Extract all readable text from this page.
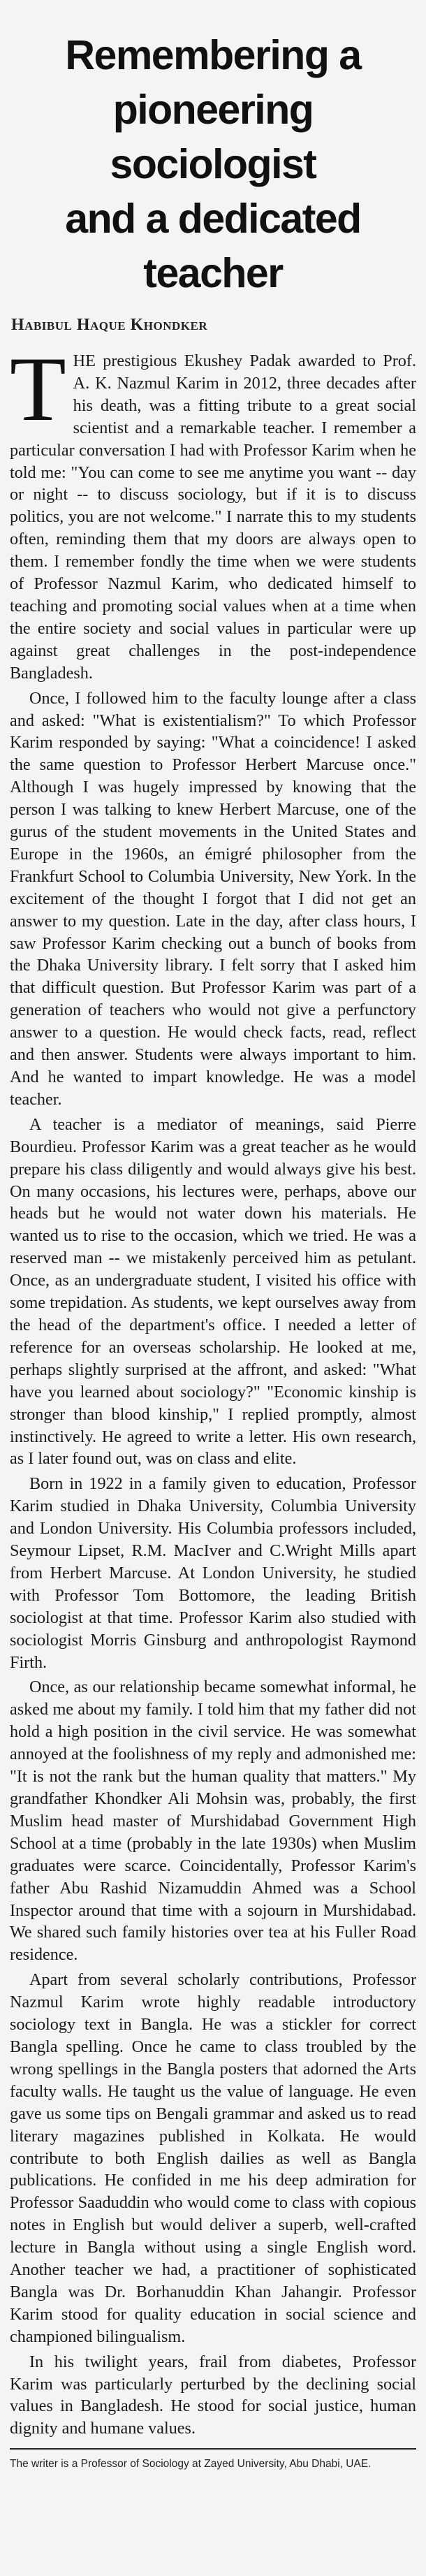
Remembering a
pioneering sociologist
and a dedicated teacher
Habibul Haque Khondker

THE prestigious Ekushey Padak awarded to Prof. A. K. Nazmul Karim in 2012, three decades after his death, was a fitting tribute to a great social scientist and a remarkable teacher. I remember a particular conversation I had with Professor Karim when he told me: "You can come to see me anytime you want -- day or night -- to discuss sociology, but if it is to discuss politics, you are not welcome." I narrate this to my students often, reminding them that my doors are always open to them. I remember fondly the time when we were students of Professor Nazmul Karim, who dedicated himself to teaching and promoting social values when at a time when the entire society and social values in particular were up against great challenges in the post-independence Bangladesh.

Once, I followed him to the faculty lounge after a class and asked: "What is existentialism?" To which Professor Karim responded by saying: "What a coincidence! I asked the same question to Professor Herbert Marcuse once." Although I was hugely impressed by knowing that the person I was talking to knew Herbert Marcuse, one of the gurus of the student movements in the United States and Europe in the 1960s, an émigré philosopher from the Frankfurt School to Columbia University, New York. In the excitement of the thought I forgot that I did not get an answer to my question. Late in the day, after class hours, I saw Professor Karim checking out a bunch of books from the Dhaka University library. I felt sorry that I asked him that difficult question. But Professor Karim was part of a generation of teachers who would not give a perfunctory answer to a question. He would check facts, read, reflect and then answer. Students were always important to him. And he wanted to impart knowledge. He was a model teacher.

A teacher is a mediator of meanings, said Pierre Bourdieu. Professor Karim was a great teacher as he would prepare his class diligently and would always give his best. On many occasions, his lectures were, perhaps, above our heads but he would not water down his materials. He wanted us to rise to the occasion, which we tried. He was a reserved man -- we mistakenly perceived him as petulant. Once, as an undergraduate student, I visited his office with some trepidation. As students, we kept ourselves away from the head of the department's office. I needed a letter of reference for an overseas scholarship. He looked at me, perhaps slightly surprised at the affront, and asked: "What have you learned about sociology?" "Economic kinship is stronger than blood kinship," I replied promptly, almost instinctively. He agreed to write a letter. His own research, as I later found out, was on class and elite.

Born in 1922 in a family given to education, Professor Karim studied in Dhaka University, Columbia University and London University. His Columbia professors included, Seymour Lipset, R.M. MacIver and C.Wright Mills apart from Herbert Marcuse. At London University, he studied with Professor Tom Bottomore, the leading British sociologist at that time. Professor Karim also studied with sociologist Morris Ginsburg and anthropologist Raymond Firth.

Once, as our relationship became somewhat informal, he asked me about my family. I told him that my father did not hold a high position in the civil service. He was somewhat annoyed at the foolishness of my reply and admonished me: "It is not the rank but the human quality that matters." My grandfather Khondker Ali Mohsin was, probably, the first Muslim head master of Murshidabad Government High School at a time (probably in the late 1930s) when Muslim graduates were scarce. Coincidentally, Professor Karim's father Abu Rashid Nizamuddin Ahmed was a School Inspector around that time with a sojourn in Murshidabad. We shared such family histories over tea at his Fuller Road residence.

Apart from several scholarly contributions, Professor Nazmul Karim wrote highly readable introductory sociology text in Bangla. He was a stickler for correct Bangla spelling. Once he came to class troubled by the wrong spellings in the Bangla posters that adorned the Arts faculty walls. He taught us the value of language. He even gave us some tips on Bengali grammar and asked us to read literary magazines published in Kolkata. He would contribute to both English dailies as well as Bangla publications. He confided in me his deep admiration for Professor Saaduddin who would come to class with copious notes in English but would deliver a superb, well-crafted lecture in Bangla without using a single English word. Another teacher we had, a practitioner of sophisticated Bangla was Dr. Borhanuddin Khan Jahangir. Professor Karim stood for quality education in social science and championed bilingualism.

In his twilight years, frail from diabetes, Professor Karim was particularly perturbed by the declining social values in Bangladesh. He stood for social justice, human dignity and humane values.

The writer is a Professor of Sociology at Zayed University, Abu Dhabi, UAE.
